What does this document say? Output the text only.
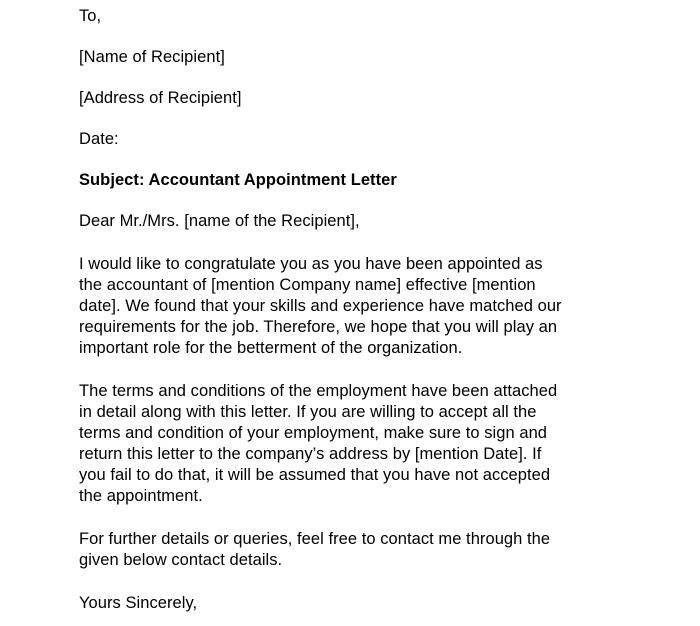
To,

[Name of Recipient]

[Address of Recipient]

Date:

Subject: Accountant Appointment Letter

Dear Mr./Mrs. [name of the Recipient],

I would like to congratulate you as you have been appointed as
the accountant of [mention Company name] effective [mention
date]. We found that your skills and experience have matched our
requirements for the job. Therefore, we hope that you will play an
important role for the betterment of the organization.
The terms and conditions of the employment have been attached
in detail along with this letter. If you are willing to accept all the
terms and condition of your employment, make sure to sign and
return this letter to the company’s address by [mention Date]. If
you fail to do that, it will be assumed that you have not accepted
the appointment.
For further details or queries, feel free to contact me through the
given below contact details.

Yours Sincerely,
